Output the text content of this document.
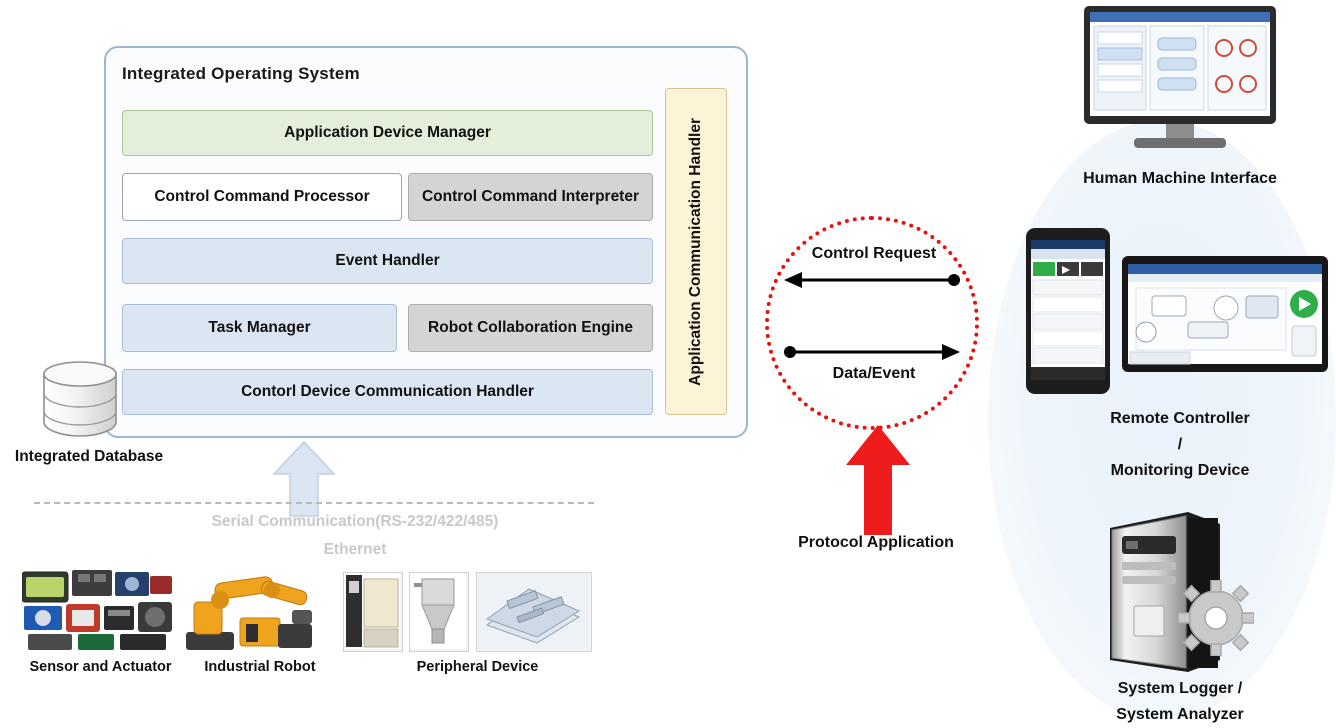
Integrated Operating System
Application Device Manager
Control Command Processor	Control Command Interpreter
Event Handler
Task Manager	Robot Collaboration Engine
Contorl Device Communication Handler
Application Communication Handler
Integrated Database
Serial Communication(RS-232/422/485)
Ethernet
Sensor and Actuator	Industrial Robot	Peripheral Device
Control Request
Data/Event
Protocol Application
Human Machine Interface
Remote Controller
/
Monitoring Device
System Logger /
System Analyzer
